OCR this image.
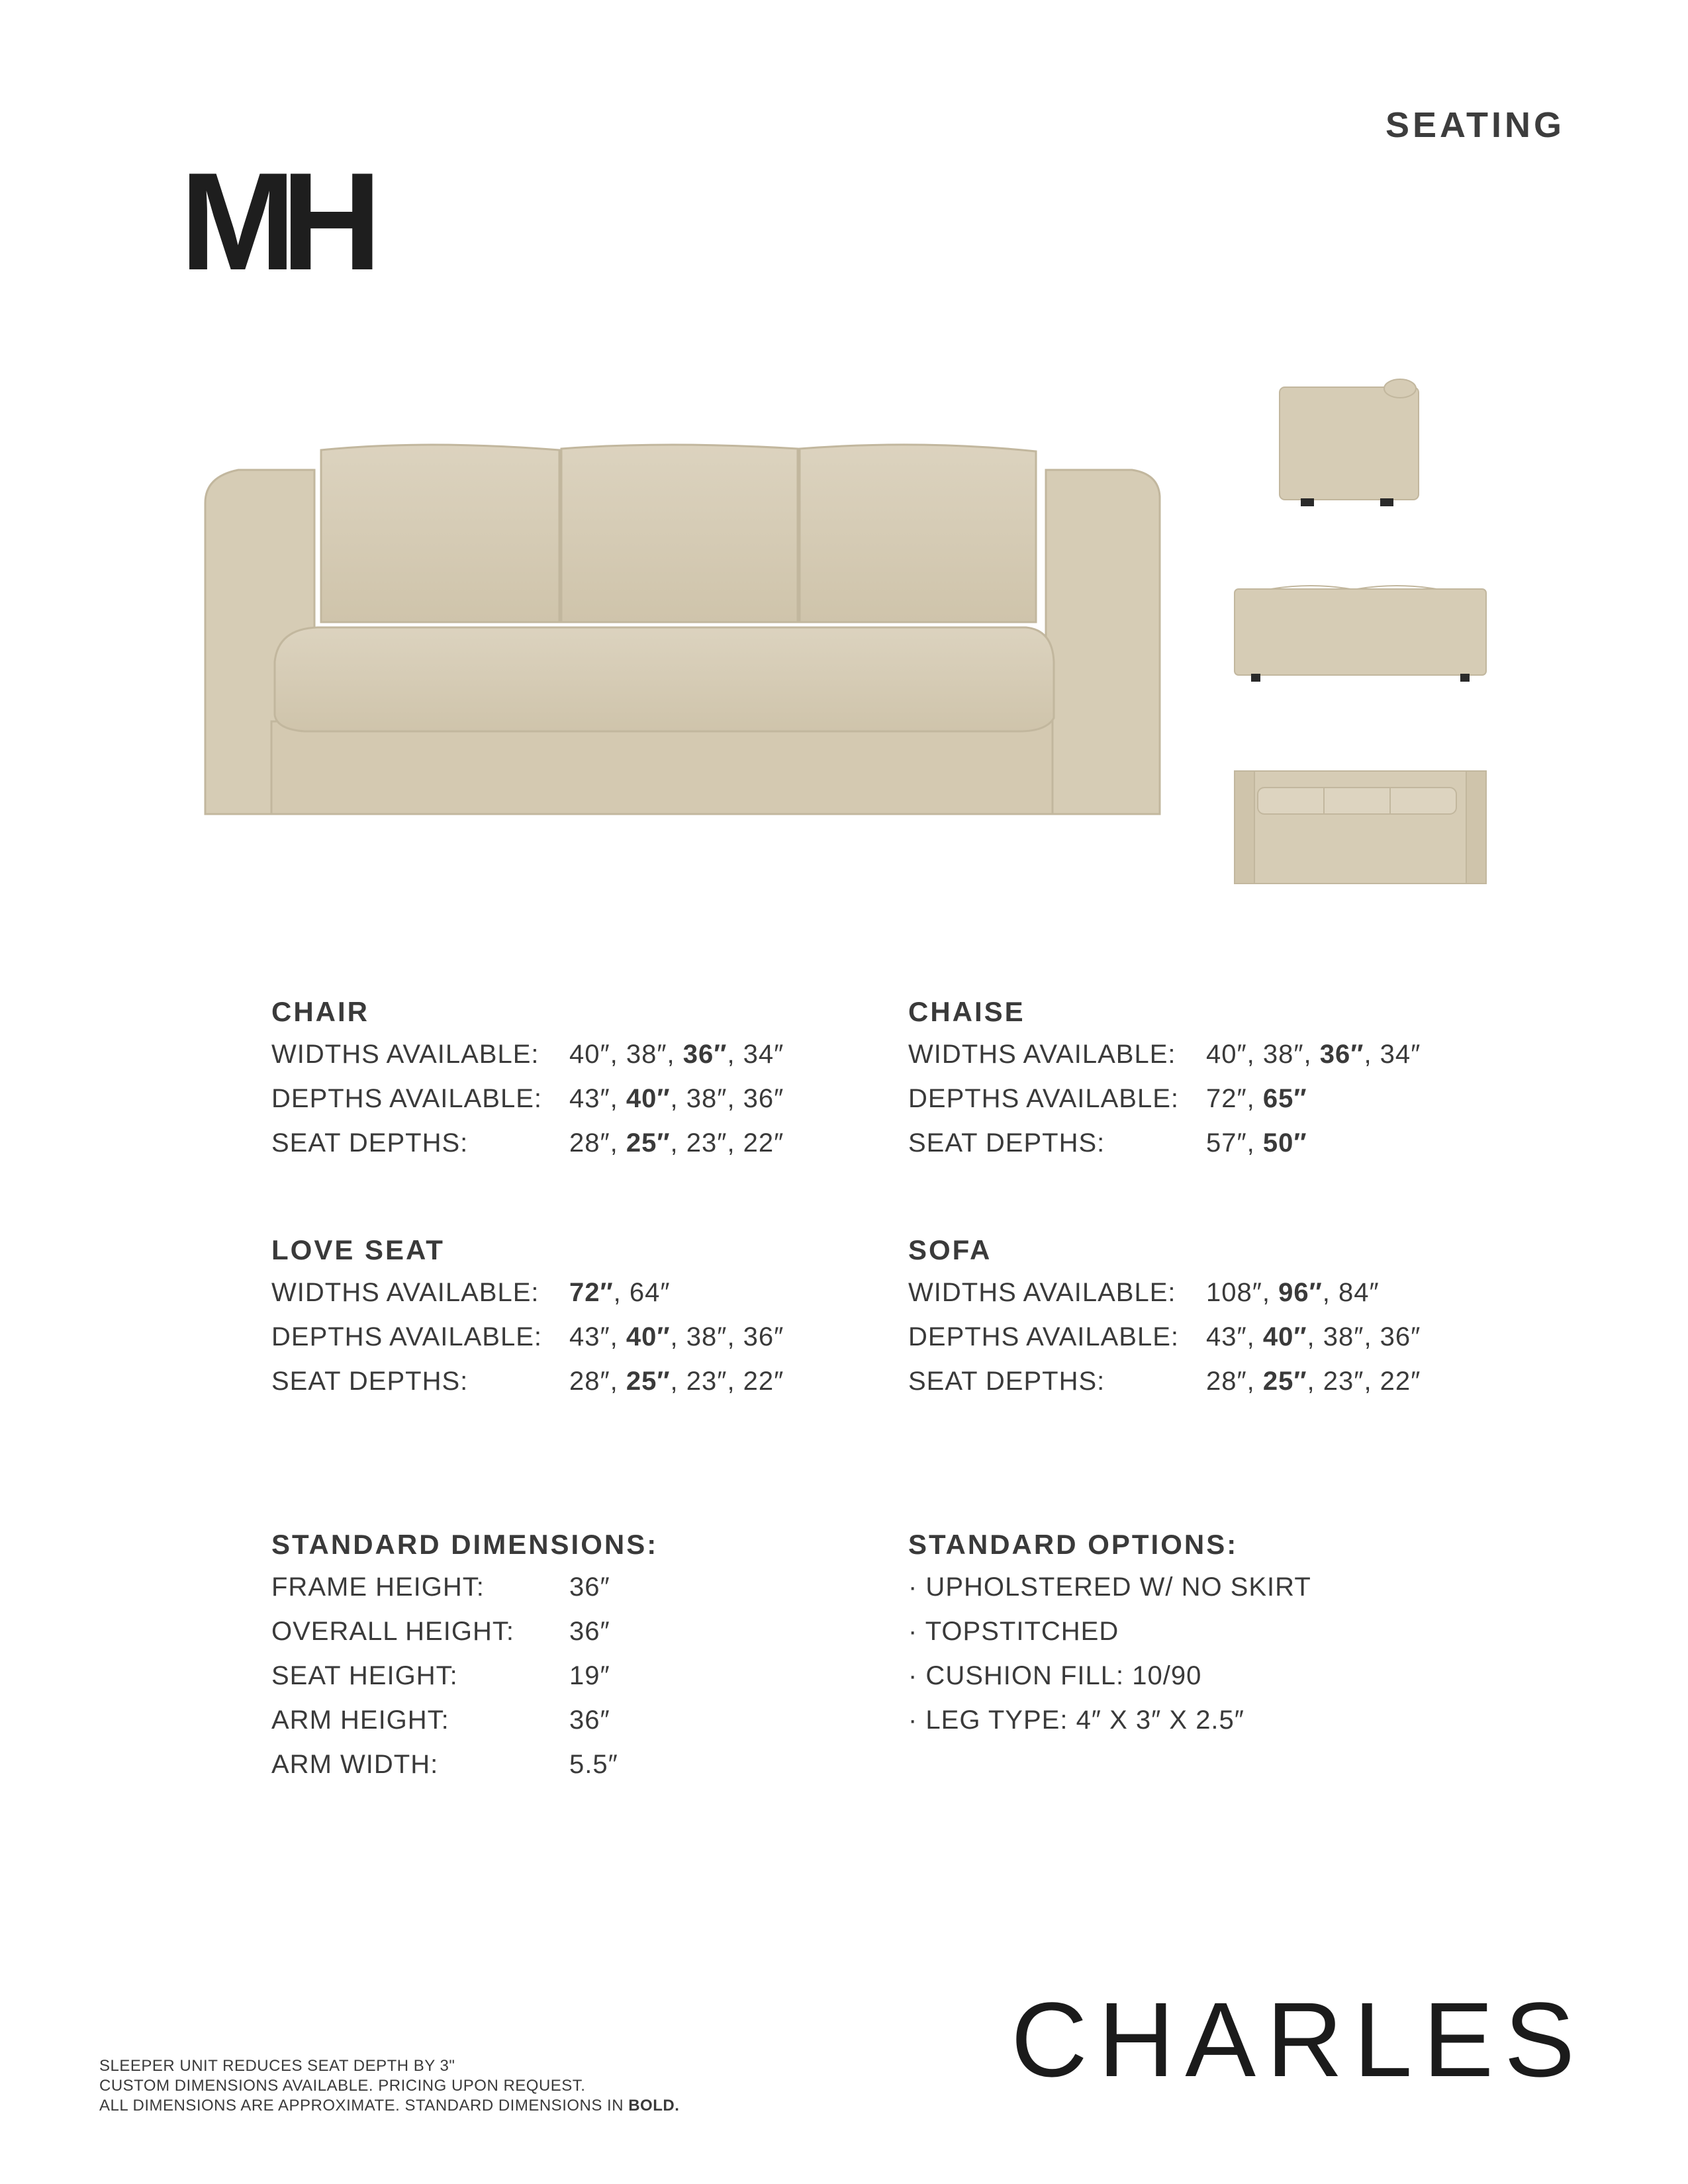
SEATING
MH
CHAIR
WIDTHS AVAILABLE:	40″, 38″, 36″, 34″
DEPTHS AVAILABLE:	43″, 40″, 38″, 36″
SEAT DEPTHS:	28″, 25″, 23″, 22″
CHAISE
WIDTHS AVAILABLE:	40″, 38″, 36″, 34″
DEPTHS AVAILABLE:	72″, 65″
SEAT DEPTHS:	57″, 50″
LOVE SEAT
WIDTHS AVAILABLE:	72″, 64″
DEPTHS AVAILABLE:	43″, 40″, 38″, 36″
SEAT DEPTHS:	28″, 25″, 23″, 22″
SOFA
WIDTHS AVAILABLE:	108″, 96″, 84″
DEPTHS AVAILABLE:	43″, 40″, 38″, 36″
SEAT DEPTHS:	28″, 25″, 23″, 22″
STANDARD DIMENSIONS:
FRAME HEIGHT:	36″
OVERALL HEIGHT:	36″
SEAT HEIGHT:	19″
ARM HEIGHT:	36″
ARM WIDTH:	5.5″
STANDARD OPTIONS:
· UPHOLSTERED W/ NO SKIRT
· TOPSTITCHED
· CUSHION FILL: 10/90
· LEG TYPE: 4″ X 3″ X 2.5″
CHARLES
SLEEPER UNIT REDUCES SEAT DEPTH BY 3"
CUSTOM DIMENSIONS AVAILABLE. PRICING UPON REQUEST.
ALL DIMENSIONS ARE APPROXIMATE. STANDARD DIMENSIONS IN BOLD.
